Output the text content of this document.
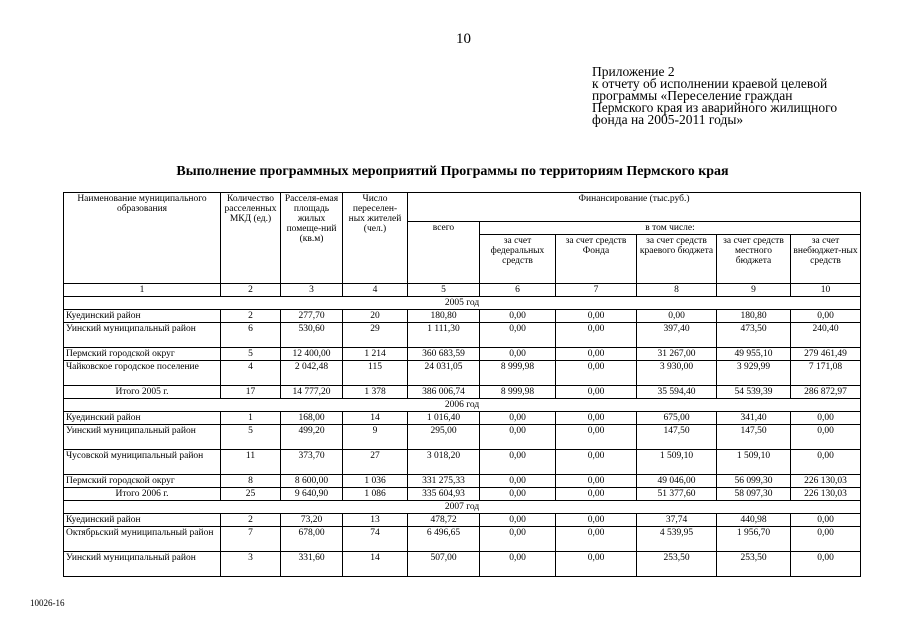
10
Приложение 2
к отчету об исполнении краевой целевой
программы «Переселение граждан
Пермского края из аварийного жилищного
фонда на 2005-2011 годы»
Выполнение программных мероприятий Программы по территориям Пермского края
Наименование муниципального образования	Количество расселенных МКД (ед.)	Расселя-емая площадь жилых помеще-ний (кв.м)	Число переселен-ных жителей (чел.)	Финансирование (тыс.руб.)					
				всего	в том числе:				
					за счет федеральных средств	за счет средств Фонда	за счет средств краевого бюджета	за счет средств местного бюджета	за счет внебюджет-ных средств
1	2	3	4	5	6	7	8	9	10
2005 год									
Куединский район	2	277,70	20	180,80	0,00	0,00	0,00	180,80	0,00
Уинский муниципальный район	6	530,60	29	1 111,30	0,00	0,00	397,40	473,50	240,40
Пермский городской округ	5	12 400,00	1 214	360 683,59	0,00	0,00	31 267,00	49 955,10	279 461,49
Чайковское городское поселение	4	2 042,48	115	24 031,05	8 999,98	0,00	3 930,00	3 929,99	7 171,08
Итого 2005 г.	17	14 777,20	1 378	386 006,74	8 999,98	0,00	35 594,40	54 539,39	286 872,97
2006 год									
Куединский район	1	168,00	14	1 016,40	0,00	0,00	675,00	341,40	0,00
Уинский муниципальный район	5	499,20	9	295,00	0,00	0,00	147,50	147,50	0,00
Чусовской муниципальный район	11	373,70	27	3 018,20	0,00	0,00	1 509,10	1 509,10	0,00
Пермский городской округ	8	8 600,00	1 036	331 275,33	0,00	0,00	49 046,00	56 099,30	226 130,03
Итого 2006 г.	25	9 640,90	1 086	335 604,93	0,00	0,00	51 377,60	58 097,30	226 130,03
2007 год									
Куединский район	2	73,20	13	478,72	0,00	0,00	37,74	440,98	0,00
Октябрьский муниципальный район	7	678,00	74	6 496,65	0,00	0,00	4 539,95	1 956,70	0,00
Уинский муниципальный район	3	331,60	14	507,00	0,00	0,00	253,50	253,50	0,00
10026-16
